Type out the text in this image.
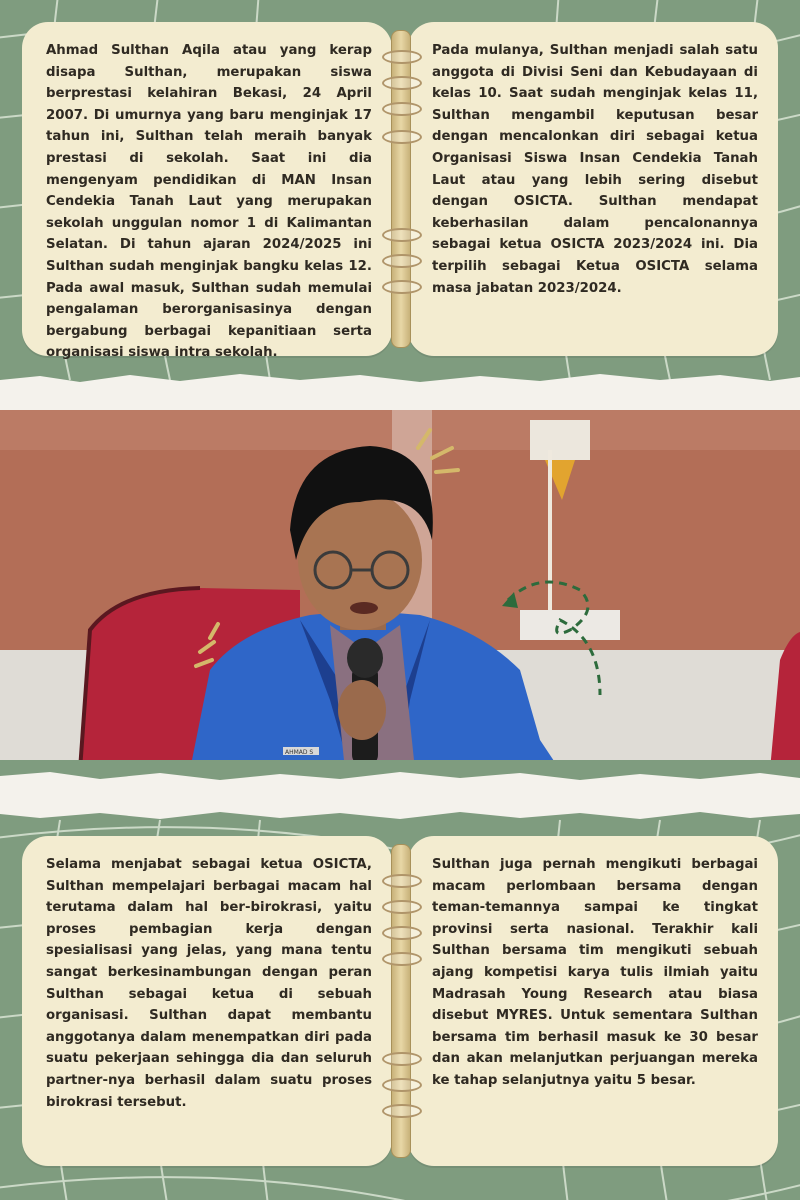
Ahmad Sulthan Aqila atau yang kerap disapa Sulthan, merupakan siswa berprestasi kelahiran Bekasi, 24 April 2007. Di umurnya yang baru menginjak 17 tahun ini, Sulthan telah meraih banyak prestasi di sekolah. Saat ini dia mengenyam pendidikan di MAN Insan Cendekia Tanah Laut yang merupakan sekolah unggulan nomor 1 di Kalimantan Selatan. Di tahun ajaran 2024/2025 ini Sulthan sudah menginjak bangku kelas 12. Pada awal masuk, Sulthan sudah memulai pengalaman berorganisasinya dengan bergabung berbagai kepanitiaan serta organisasi siswa intra sekolah.

Pada mulanya, Sulthan menjadi salah satu anggota di Divisi Seni dan Kebudayaan di kelas 10. Saat sudah menginjak kelas 11, Sulthan mengambil keputusan besar dengan mencalonkan diri sebagai ketua Organisasi Siswa Insan Cendekia Tanah Laut atau yang lebih sering disebut dengan OSICTA. Sulthan mendapat keberhasilan dalam pencalonannya sebagai ketua OSICTA 2023/2024 ini. Dia terpilih sebagai Ketua OSICTA selama masa jabatan 2023/2024.

AHMAD S

Selama menjabat sebagai ketua OSICTA, Sulthan mempelajari berbagai macam hal terutama dalam hal ber-birokrasi, yaitu proses pembagian kerja dengan spesialisasi yang jelas, yang mana tentu sangat berkesinambungan dengan peran Sulthan sebagai ketua di sebuah organisasi. Sulthan dapat membantu anggotanya dalam menempatkan diri pada suatu pekerjaan sehingga dia dan seluruh partner-nya berhasil dalam suatu proses birokrasi tersebut.

Sulthan juga pernah mengikuti berbagai macam perlombaan bersama dengan teman-temannya sampai ke tingkat provinsi serta nasional. Terakhir kali Sulthan bersama tim mengikuti sebuah ajang kompetisi karya tulis ilmiah yaitu Madrasah Young Research atau biasa disebut MYRES. Untuk sementara Sulthan bersama tim berhasil masuk ke 30 besar dan akan melanjutkan perjuangan mereka ke tahap selanjutnya yaitu 5 besar.
